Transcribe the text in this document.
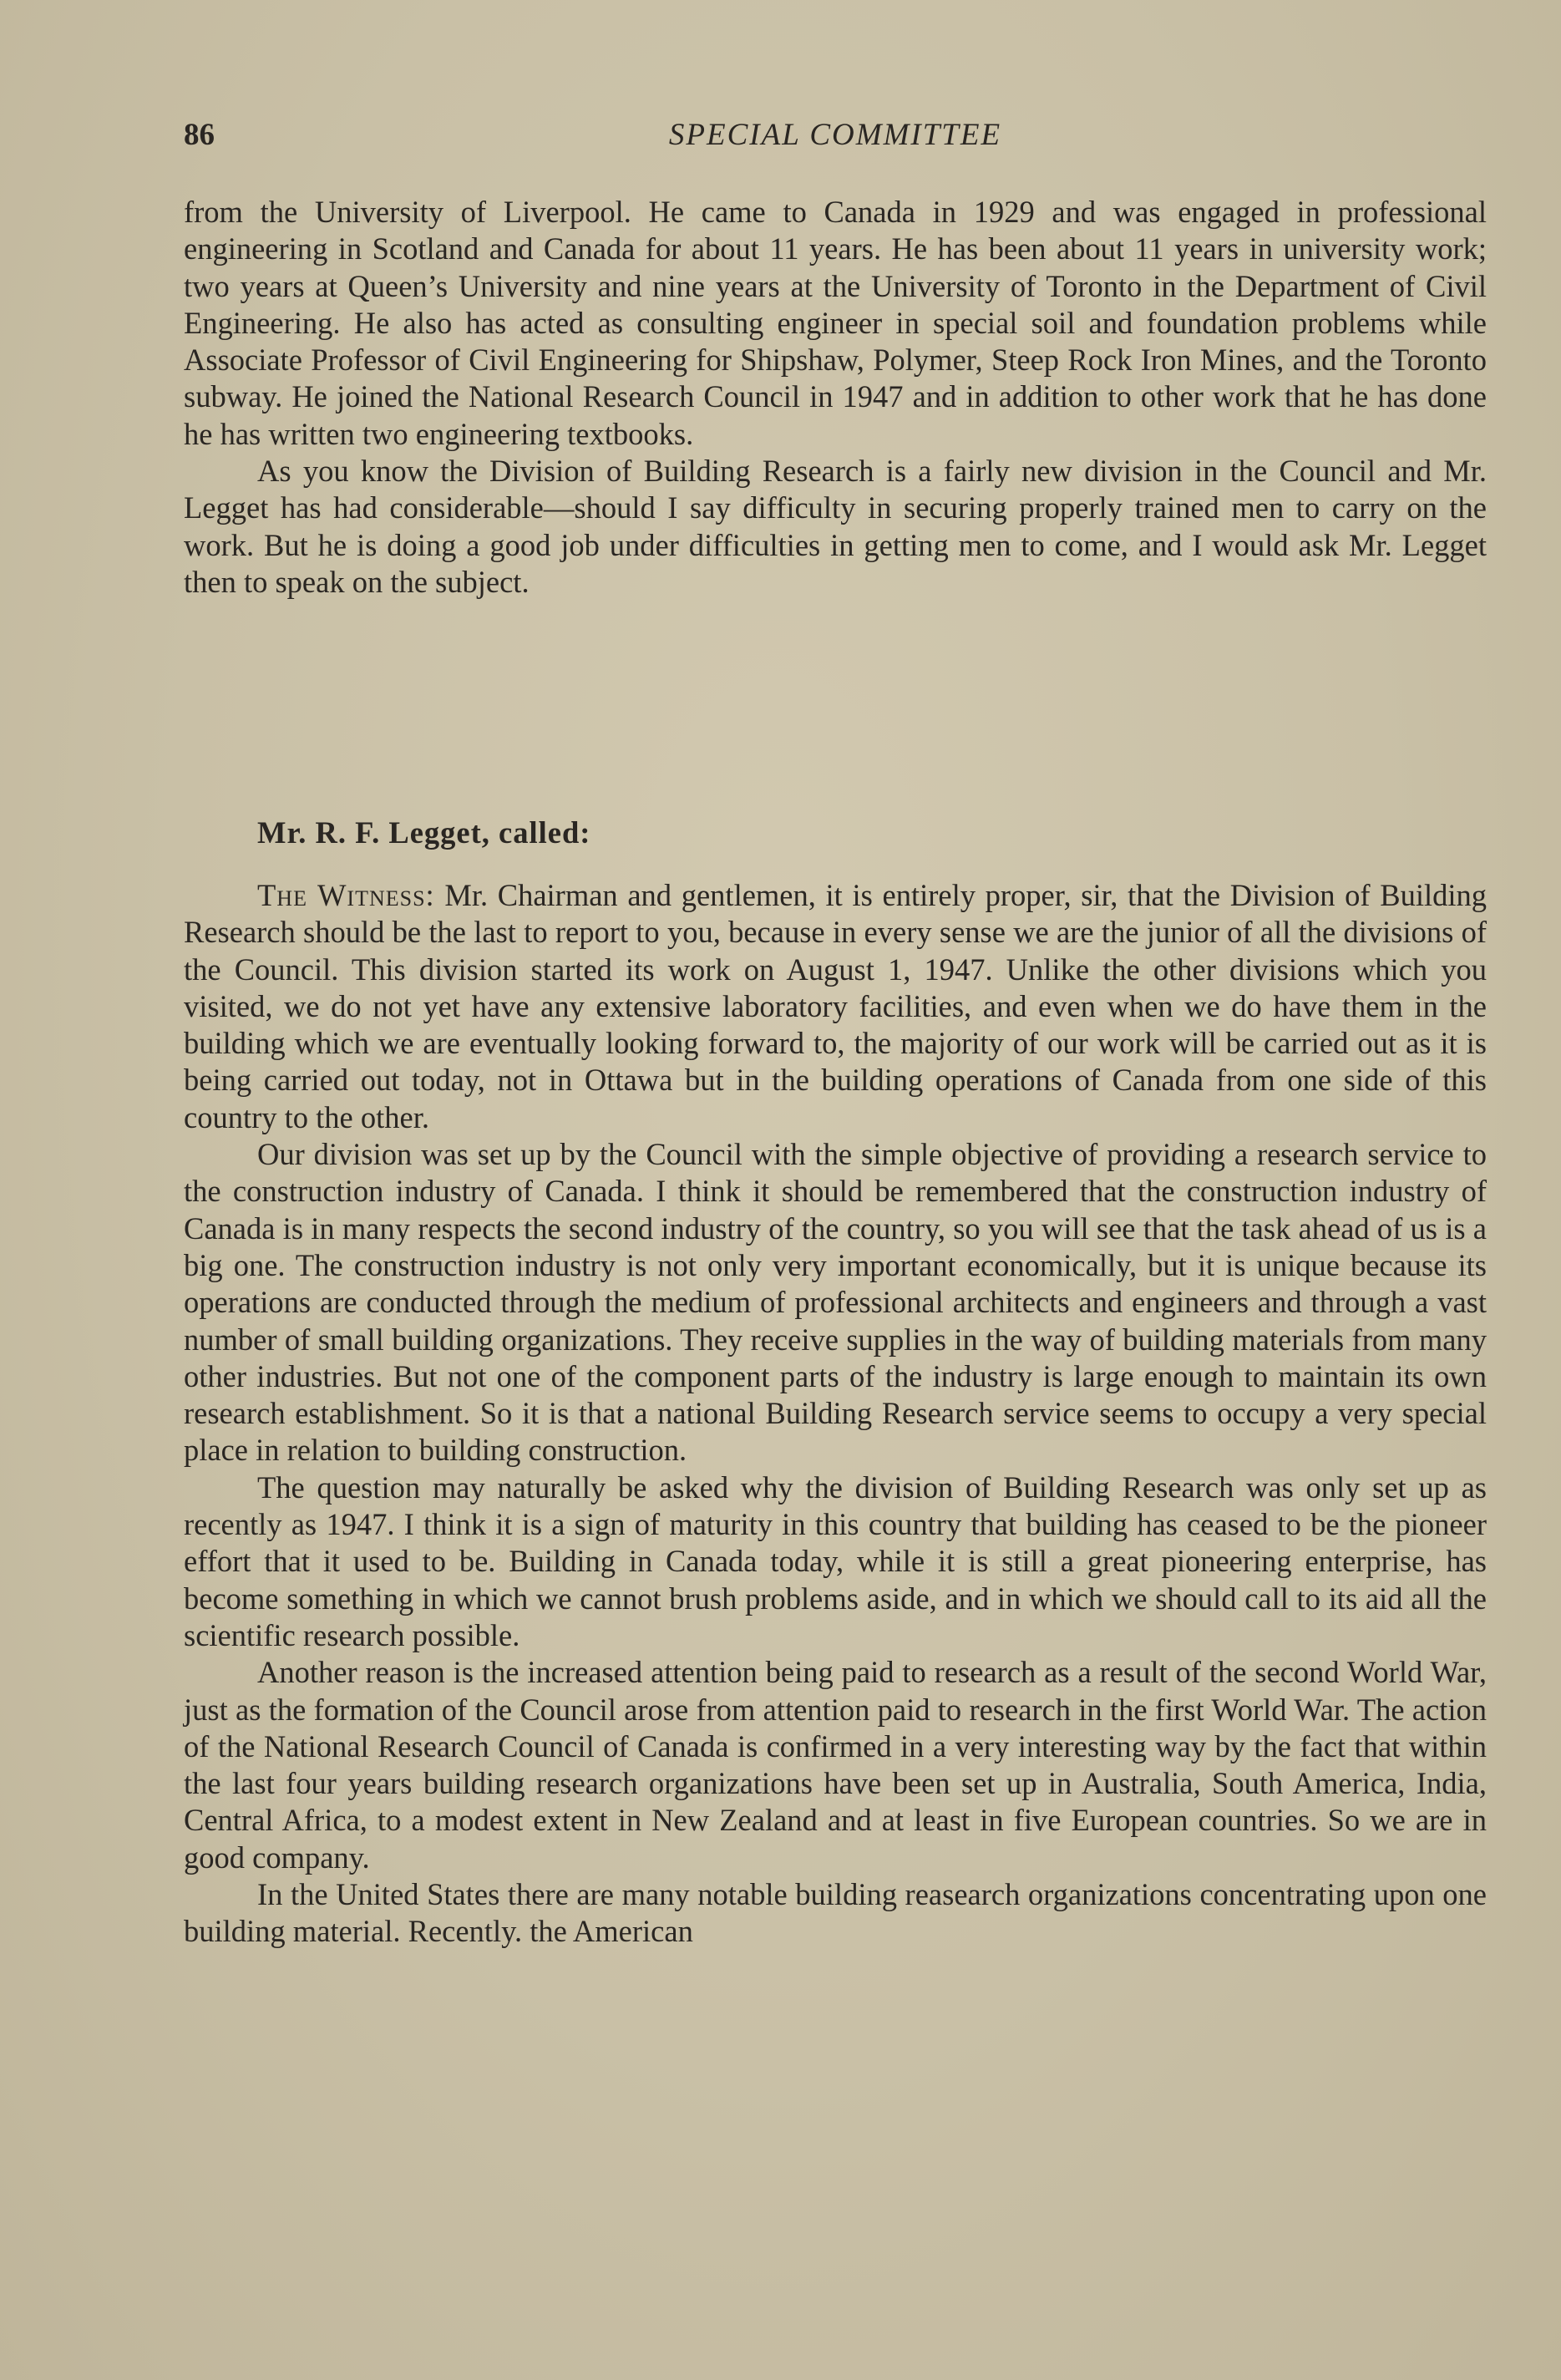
86	SPECIAL COMMITTEE

from the University of Liverpool. He came to Canada in 1929 and was engaged in professional engineering in Scotland and Canada for about 11 years. He has been about 11 years in university work; two years at Queen’s University and nine years at the University of Toronto in the Department of Civil Engineering. He also has acted as consulting engineer in special soil and foundation problems while Associate Professor of Civil Engineering for Shipshaw, Polymer, Steep Rock Iron Mines, and the Toronto subway. He joined the National Research Council in 1947 and in addition to other work that he has done he has written two engineering textbooks.

As you know the Division of Building Research is a fairly new division in the Council and Mr. Legget has had considerable—should I say difficulty in securing properly trained men to carry on the work. But he is doing a good job under difficulties in getting men to come, and I would ask Mr. Legget then to speak on the subject.

Mr. R. F. Legget, called:

The Witness: Mr. Chairman and gentlemen, it is entirely proper, sir, that the Division of Building Research should be the last to report to you, because in every sense we are the junior of all the divisions of the Council. This division started its work on August 1, 1947. Unlike the other divisions which you visited, we do not yet have any extensive laboratory facilities, and even when we do have them in the building which we are eventually looking forward to, the majority of our work will be carried out as it is being carried out today, not in Ottawa but in the building operations of Canada from one side of this country to the other.

Our division was set up by the Council with the simple objective of providing a research service to the construction industry of Canada. I think it should be remembered that the construction industry of Canada is in many respects the second industry of the country, so you will see that the task ahead of us is a big one. The construction industry is not only very important economically, but it is unique because its operations are conducted through the medium of professional architects and engineers and through a vast number of small building organizations. They receive supplies in the way of building materials from many other industries. But not one of the component parts of the industry is large enough to maintain its own research establishment. So it is that a national Building Research service seems to occupy a very special place in relation to building construction.

The question may naturally be asked why the division of Building Research was only set up as recently as 1947. I think it is a sign of maturity in this country that building has ceased to be the pioneer effort that it used to be. Building in Canada today, while it is still a great pioneering enterprise, has become something in which we cannot brush problems aside, and in which we should call to its aid all the scientific research possible.

Another reason is the increased attention being paid to research as a result of the second World War, just as the formation of the Council arose from attention paid to research in the first World War. The action of the National Research Council of Canada is confirmed in a very interesting way by the fact that within the last four years building research organizations have been set up in Australia, South America, India, Central Africa, to a modest extent in New Zealand and at least in five European countries. So we are in good company.

In the United States there are many notable building reasearch organizations concentrating upon one building material. Recently. the American
